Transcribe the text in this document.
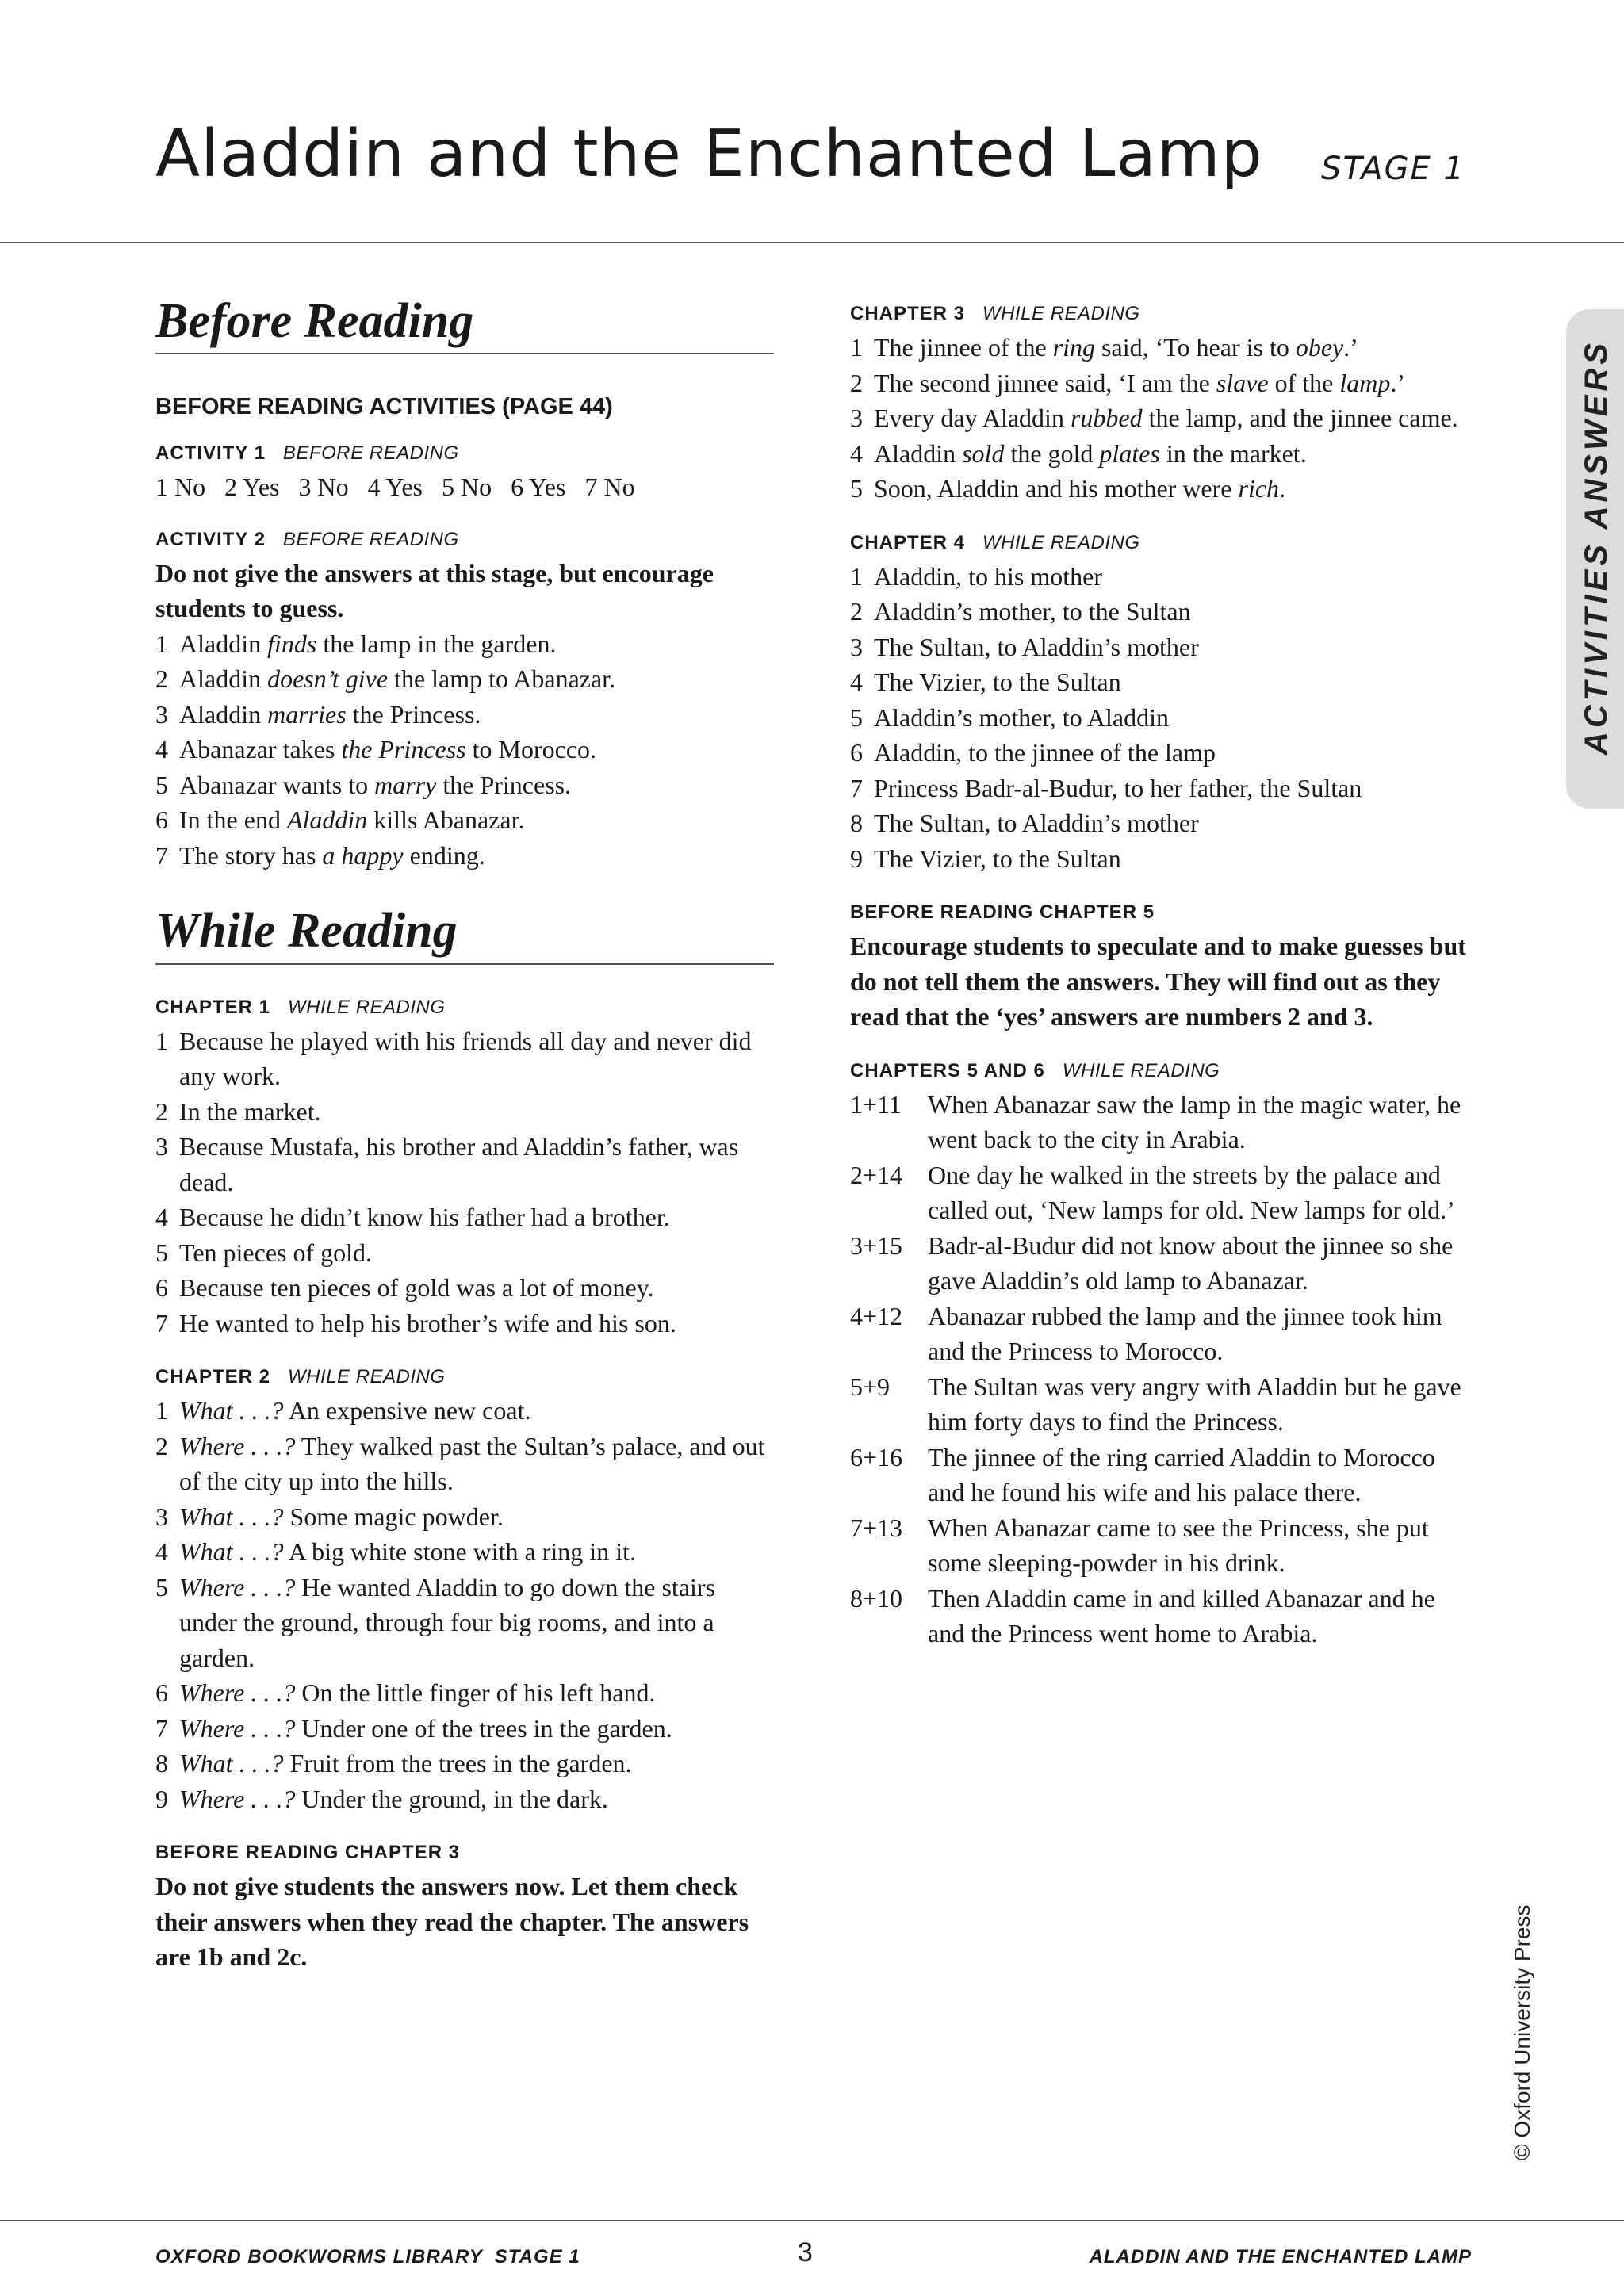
Aladdin and the Enchanted Lamp STAGE 1
ACTIVITIES ANSWERS
Before Reading
BEFORE READING ACTIVITIES (PAGE 44)
ACTIVITY 1 BEFORE READING

1 No   2 Yes   3 No   4 Yes   5 No   6 Yes   7 No

ACTIVITY 2 BEFORE READING

Do not give the answers at this stage, but encourage students to guess.

1 Aladdin finds the lamp in the garden.
2 Aladdin doesn’t give the lamp to Abanazar.
3 Aladdin marries the Princess.
4 Abanazar takes the Princess to Morocco.
5 Abanazar wants to marry the Princess.
6 In the end Aladdin kills Abanazar.
7 The story has a happy ending.
While Reading
CHAPTER 1 WHILE READING
1 Because he played with his friends all day and never did any work.
2 In the market.
3 Because Mustafa, his brother and Aladdin’s father, was dead.
4 Because he didn’t know his father had a brother.
5 Ten pieces of gold.
6 Because ten pieces of gold was a lot of money.
7 He wanted to help his brother’s wife and his son.
CHAPTER 2 WHILE READING
1 What . . .? An expensive new coat.
2 Where . . .? They walked past the Sultan’s palace, and out of the city up into the hills.
3 What . . .? Some magic powder.
4 What . . .? A big white stone with a ring in it.
5 Where . . .? He wanted Aladdin to go down the stairs under the ground, through four big rooms, and into a garden.
6 Where . . .? On the little finger of his left hand.
7 Where . . .? Under one of the trees in the garden.
8 What . . .? Fruit from the trees in the garden.
9 Where . . .? Under the ground, in the dark.
BEFORE READING CHAPTER 3

Do not give students the answers now. Let them check their answers when they read the chapter. The answers are 1b and 2c.

CHAPTER 3 WHILE READING
1 The jinnee of the ring said, ‘To hear is to obey.’
2 The second jinnee said, ‘I am the slave of the lamp.’
3 Every day Aladdin rubbed the lamp, and the jinnee came.
4 Aladdin sold the gold plates in the market.
5 Soon, Aladdin and his mother were rich.
CHAPTER 4 WHILE READING
1 Aladdin, to his mother
2 Aladdin’s mother, to the Sultan
3 The Sultan, to Aladdin’s mother
4 The Vizier, to the Sultan
5 Aladdin’s mother, to Aladdin
6 Aladdin, to the jinnee of the lamp
7 Princess Badr-al-Budur, to her father, the Sultan
8 The Sultan, to Aladdin’s mother
9 The Vizier, to the Sultan
BEFORE READING CHAPTER 5

Encourage students to speculate and to make guesses but do not tell them the answers. They will find out as they read that the ‘yes’ answers are numbers 2 and 3.

CHAPTERS 5 AND 6 WHILE READING
1+11 When Abanazar saw the lamp in the magic water, he went back to the city in Arabia.
2+14 One day he walked in the streets by the palace and called out, ‘New lamps for old. New lamps for old.’
3+15 Badr-al-Budur did not know about the jinnee so she gave Aladdin’s old lamp to Abanazar.
4+12 Abanazar rubbed the lamp and the jinnee took him and the Princess to Morocco.
5+9 The Sultan was very angry with Aladdin but he gave him forty days to find the Princess.
6+16 The jinnee of the ring carried Aladdin to Morocco and he found his wife and his palace there.
7+13 When Abanazar came to see the Princess, she put some sleeping-powder in his drink.
8+10 Then Aladdin came in and killed Abanazar and he and the Princess went home to Arabia.
© Oxford University Press
OXFORD BOOKWORMS LIBRARY  STAGE 1	3	ALADDIN AND THE ENCHANTED LAMP
